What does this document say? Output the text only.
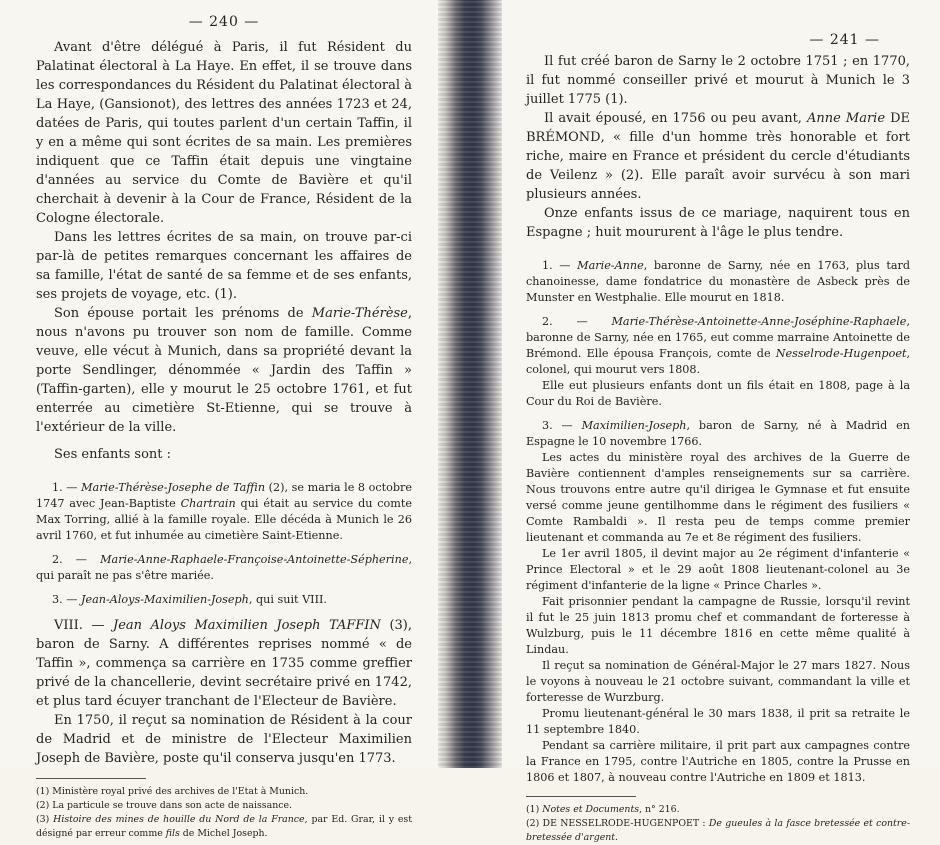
— 240 —

Avant d'être délégué à Paris, il fut Résident du Palatinat électoral à La Haye. En effet, il se trouve dans les correspondances du Résident du Palatinat électoral à La Haye, (Gansionot), des lettres des années 1723 et 24, datées de Paris, qui toutes parlent d'un certain Taffin, il y en a même qui sont écrites de sa main. Les premières indiquent que ce Taffin était depuis une vingtaine d'années au service du Comte de Bavière et qu'il cherchait à devenir à la Cour de France, Résident de la Cologne électorale.

Dans les lettres écrites de sa main, on trouve par-ci par-là de petites remarques concernant les affaires de sa famille, l'état de santé de sa femme et de ses enfants, ses projets de voyage, etc. (1).

Son épouse portait les prénoms de Marie-Thérèse, nous n'avons pu trouver son nom de famille. Comme veuve, elle vécut à Munich, dans sa propriété devant la porte Sendlinger, dénommée « Jardin des Taffin » (Taffin-garten), elle y mourut le 25 octobre 1761, et fut enterrée au cimetière St-Etienne, qui se trouve à l'extérieur de la ville.

Ses enfants sont :

1. — Marie-Thérèse-Josephe de Taffin (2), se maria le 8 octobre 1747 avec Jean-Baptiste Chartrain qui était au service du comte Max Torring, allié à la famille royale. Elle décéda à Munich le 26 avril 1760, et fut inhumée au cimetière Saint-Etienne.

2. — Marie-Anne-Raphaele-Françoise-Antoinette-Sépherine, qui paraît ne pas s'être mariée.

3. — Jean-Aloys-Maximilien-Joseph, qui suit VIII.

VIII. — Jean Aloys Maximilien Joseph TAFFIN (3), baron de Sarny. A différentes reprises nommé « de Taffin », commença sa carrière en 1735 comme greffier privé de la chancellerie, devint secrétaire privé en 1742, et plus tard écuyer tranchant de l'Electeur de Bavière.

En 1750, il reçut sa nomination de Résident à la cour de Madrid et de ministre de l'Electeur Maximilien Joseph de Bavière, poste qu'il conserva jusqu'en 1773.

(1) Ministère royal privé des archives de l'Etat à Munich.

(2) La particule se trouve dans son acte de naissance.

(3) Histoire des mines de houille du Nord de la France, par Ed. Grar, il y est désigné par erreur comme fils de Michel Joseph.

— 241 —

Il fut créé baron de Sarny le 2 octobre 1751 ; en 1770, il fut nommé conseiller privé et mourut à Munich le 3 juillet 1775 (1).

Il avait épousé, en 1756 ou peu avant, Anne Marie DE BRÉMOND, « fille d'un homme très honorable et fort riche, maire en France et président du cercle d'étudiants de Veilenz » (2). Elle paraît avoir survécu à son mari plusieurs années.

Onze enfants issus de ce mariage, naquirent tous en Espagne ; huit moururent à l'âge le plus tendre.

1. — Marie-Anne, baronne de Sarny, née en 1763, plus tard chanoinesse, dame fondatrice du monastère de Asbeck près de Munster en Westphalie. Elle mourut en 1818.

2. — Marie-Thérèse-Antoinette-Anne-Joséphine-Raphaele, baronne de Sarny, née en 1765, eut comme marraine Antoinette de Brémond. Elle épousa François, comte de Nesselrode-Hugenpoet, colonel, qui mourut vers 1808.

Elle eut plusieurs enfants dont un fils était en 1808, page à la Cour du Roi de Bavière.

3. — Maximilien-Joseph, baron de Sarny, né à Madrid en Espagne le 10 novembre 1766.

Les actes du ministère royal des archives de la Guerre de Bavière contiennent d'amples renseignements sur sa carrière. Nous trouvons entre autre qu'il dirigea le Gymnase et fut ensuite versé comme jeune gentilhomme dans le régiment des fusiliers « Comte Rambaldi ». Il resta peu de temps comme premier lieutenant et commanda au 7e et 8e régiment des fusiliers.

Le 1er avril 1805, il devint major au 2e régiment d'infanterie « Prince Electoral » et le 29 août 1808 lieutenant-colonel au 3e régiment d'infanterie de la ligne « Prince Charles ».

Fait prisonnier pendant la campagne de Russie, lorsqu'il revint il fut le 25 juin 1813 promu chef et commandant de forteresse à Wulzburg, puis le 11 décembre 1816 en cette même qualité à Lindau.

Il reçut sa nomination de Général-Major le 27 mars 1827. Nous le voyons à nouveau le 21 octobre suivant, commandant la ville et forteresse de Wurzburg.

Promu lieutenant-général le 30 mars 1838, il prit sa retraite le 11 septembre 1840.

Pendant sa carrière militaire, il prit part aux campagnes contre la France en 1795, contre l'Autriche en 1805, contre la Prusse en 1806 et 1807, à nouveau contre l'Autriche en 1809 et 1813.

(1) Notes et Documents, n° 216.

(2) DE NESSELRODE-HUGENPOET : De gueules à la fasce bretessée et contre-bretessée d'argent.
